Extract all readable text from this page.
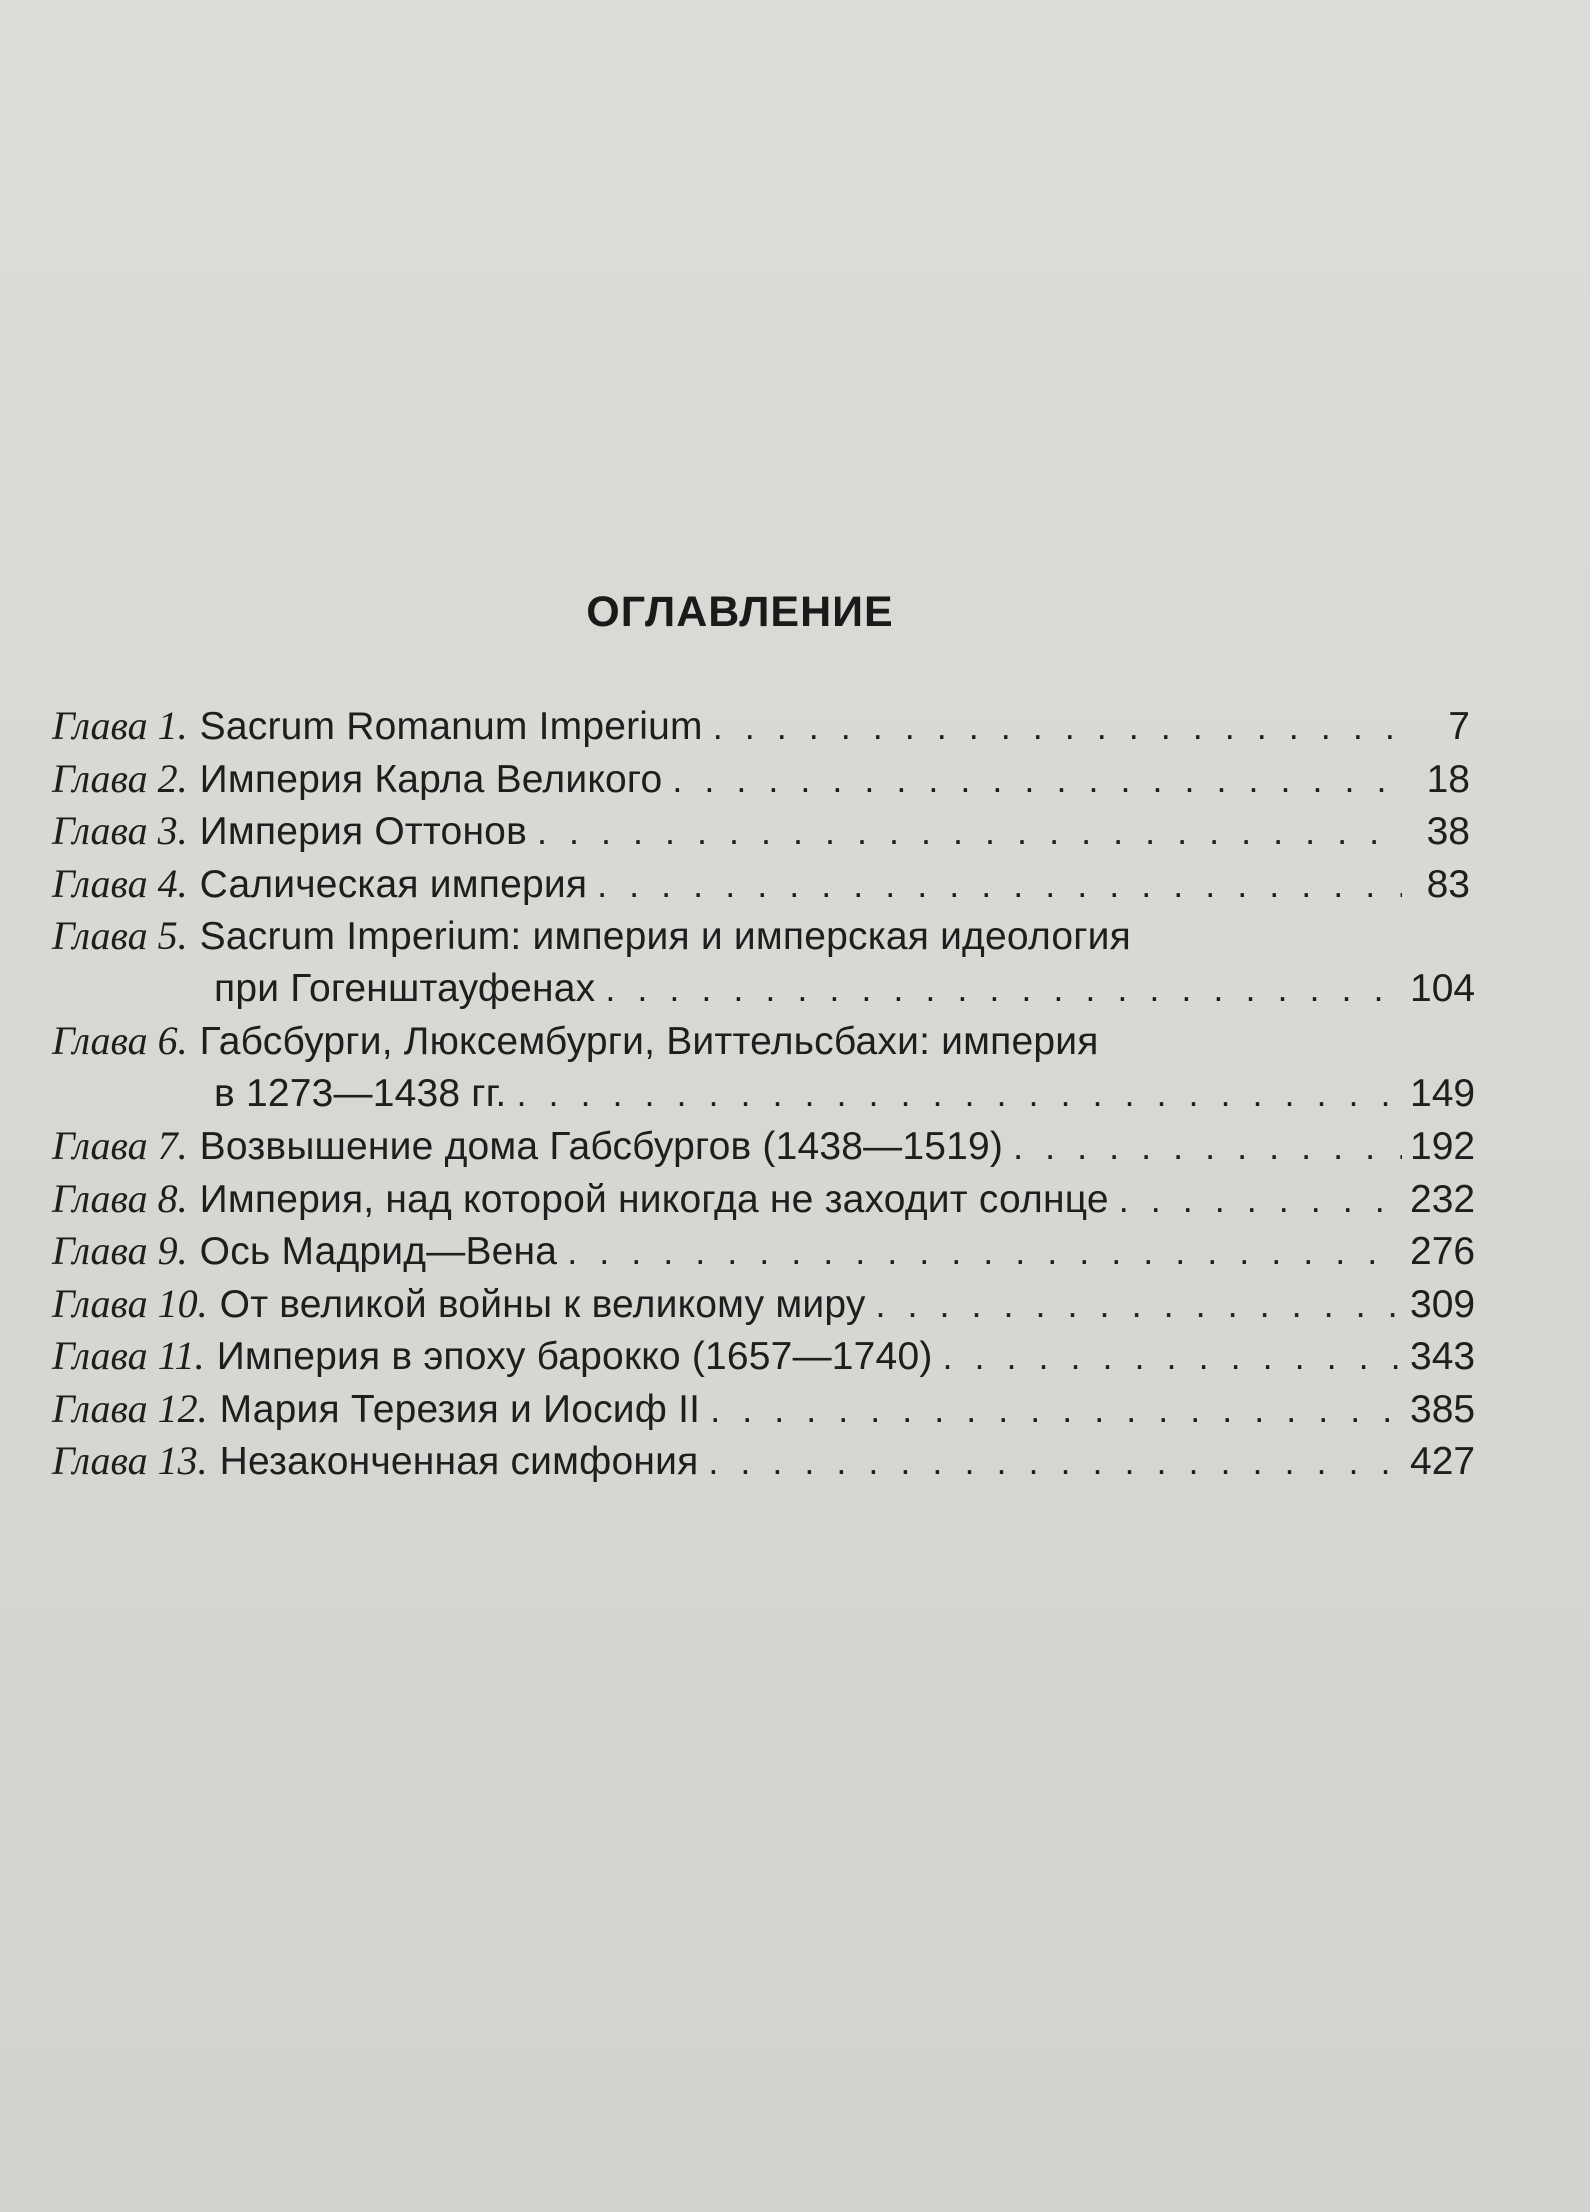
ОГЛАВЛЕНИЕ
Глава 1. Sacrum Romanum Imperium . . .	7
Глава 2. Империя Карла Великого . . .	18
Глава 3. Империя Оттонов . . .	38
Глава 4. Салическая империя . . .	83
Глава 5. Sacrum Imperium: империя и имперская идеология
при Гогенштауфенах . . .	104
Глава 6. Габсбурги, Люксембурги, Виттельсбахи: империя
в 1273—1438 гг. . . .	149
Глава 7. Возвышение дома Габсбургов (1438—1519) . . .	192
Глава 8. Империя, над которой никогда не заходит солнце . . .	232
Глава 9. Ось Мадрид—Вена . . .	276
Глава 10. От великой войны к великому миру . . .	309
Глава 11. Империя в эпоху барокко (1657—1740) . . .	343
Глава 12. Мария Терезия и Иосиф II . . .	385
Глава 13. Незаконченная симфония . . .	427
